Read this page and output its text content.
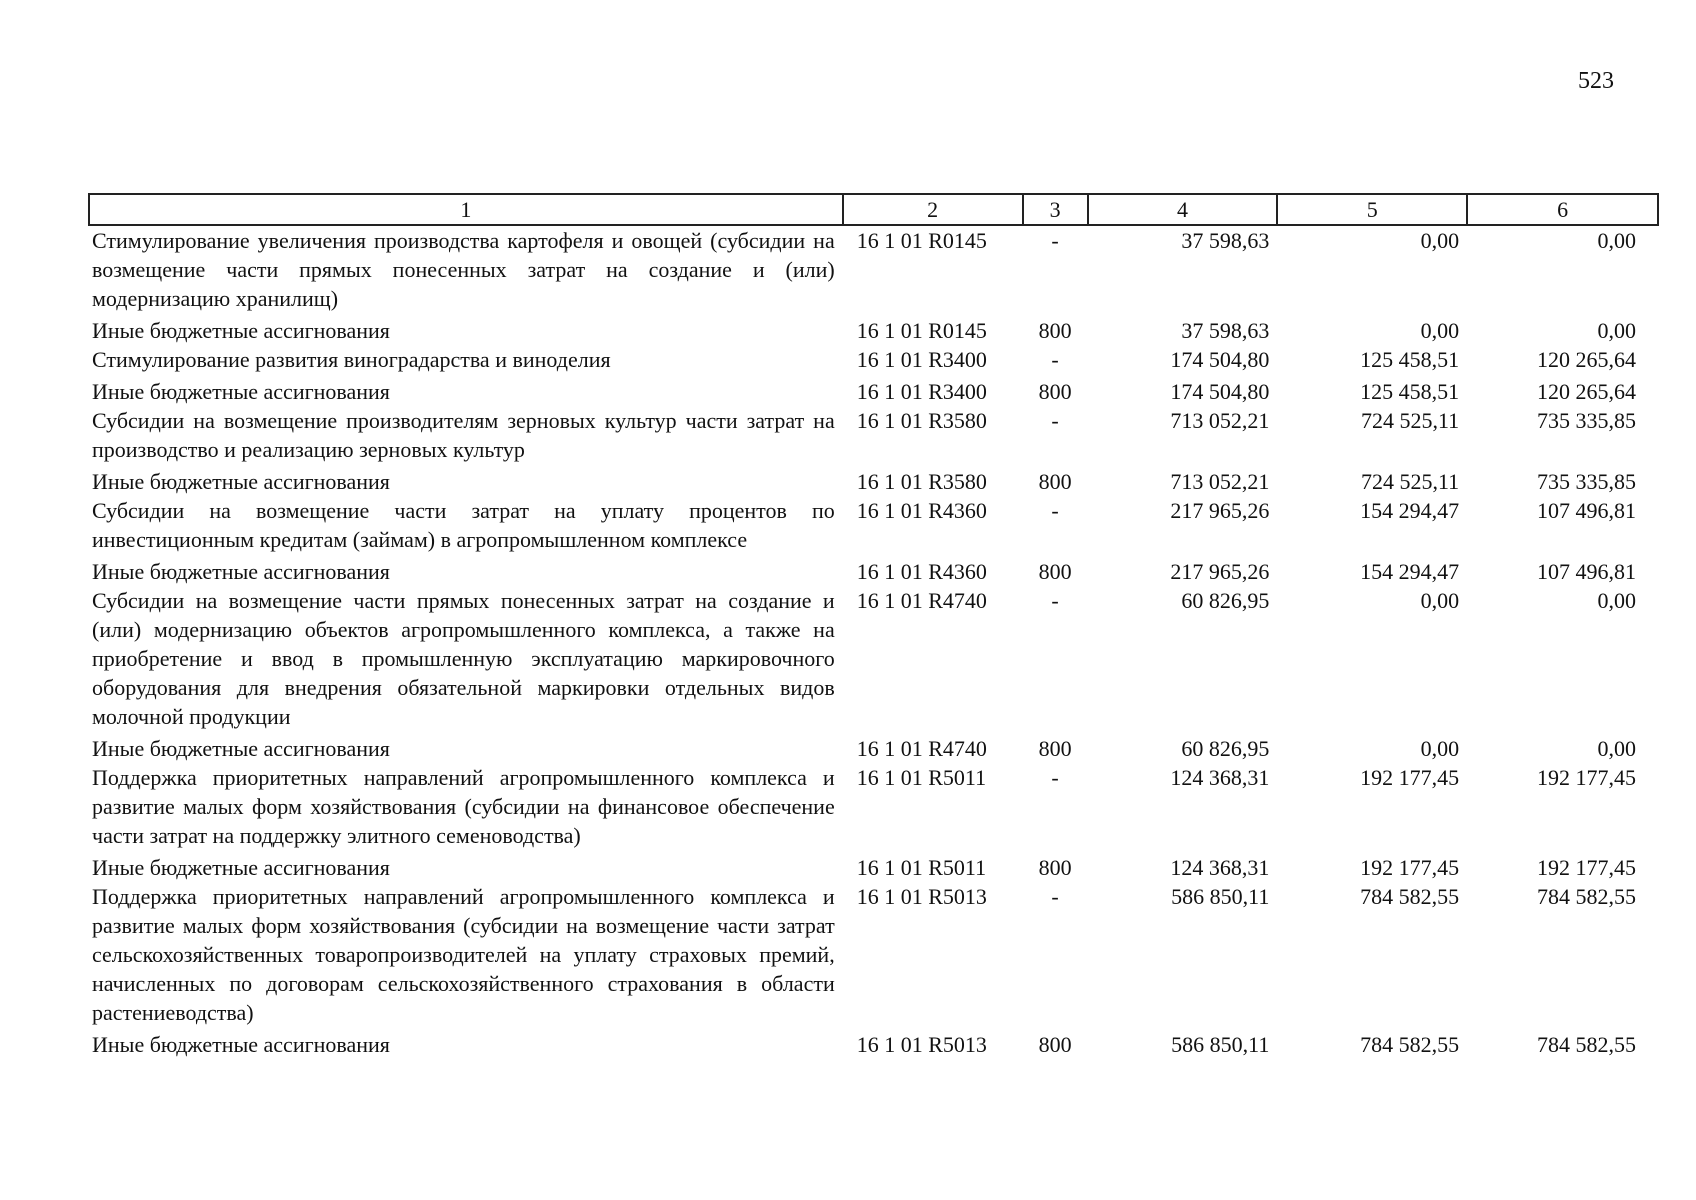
523
1	2	3	4	5	6
Стимулирование увеличения производства картофеля и овощей (субсидии на возмещение части прямых понесенных затрат на создание и (или) модернизацию хранилищ)	16 1 01 R0145	-	37 598,63	0,00	0,00
Иные бюджетные ассигнования	16 1 01 R0145	800	37 598,63	0,00	0,00
Стимулирование развития виноградарства и виноделия	16 1 01 R3400	-	174 504,80	125 458,51	120 265,64
Иные бюджетные ассигнования	16 1 01 R3400	800	174 504,80	125 458,51	120 265,64
Субсидии на возмещение производителям зерновых культур части затрат на производство и реализацию зерновых культур	16 1 01 R3580	-	713 052,21	724 525,11	735 335,85
Иные бюджетные ассигнования	16 1 01 R3580	800	713 052,21	724 525,11	735 335,85
Субсидии на возмещение части затрат на уплату процентов по инвестиционным кредитам (займам) в агропромышленном комплексе	16 1 01 R4360	-	217 965,26	154 294,47	107 496,81
Иные бюджетные ассигнования	16 1 01 R4360	800	217 965,26	154 294,47	107 496,81
Субсидии на возмещение части прямых понесенных затрат на создание и (или) модернизацию объектов агропромышленного комплекса, а также на приобретение и ввод в промышленную эксплуатацию маркировочного оборудования для внедрения обязательной маркировки отдельных видов молочной продукции	16 1 01 R4740	-	60 826,95	0,00	0,00
Иные бюджетные ассигнования	16 1 01 R4740	800	60 826,95	0,00	0,00
Поддержка приоритетных направлений агропромышленного комплекса и развитие малых форм хозяйствования (субсидии на финансовое обеспечение части затрат на поддержку элитного семеноводства)	16 1 01 R5011	-	124 368,31	192 177,45	192 177,45
Иные бюджетные ассигнования	16 1 01 R5011	800	124 368,31	192 177,45	192 177,45
Поддержка приоритетных направлений агропромышленного комплекса и развитие малых форм хозяйствования (субсидии на возмещение части затрат сельскохозяйственных товаропроизводителей на уплату страховых премий, начисленных по договорам сельскохозяйственного страхования в области растениеводства)	16 1 01 R5013	-	586 850,11	784 582,55	784 582,55
Иные бюджетные ассигнования	16 1 01 R5013	800	586 850,11	784 582,55	784 582,55
